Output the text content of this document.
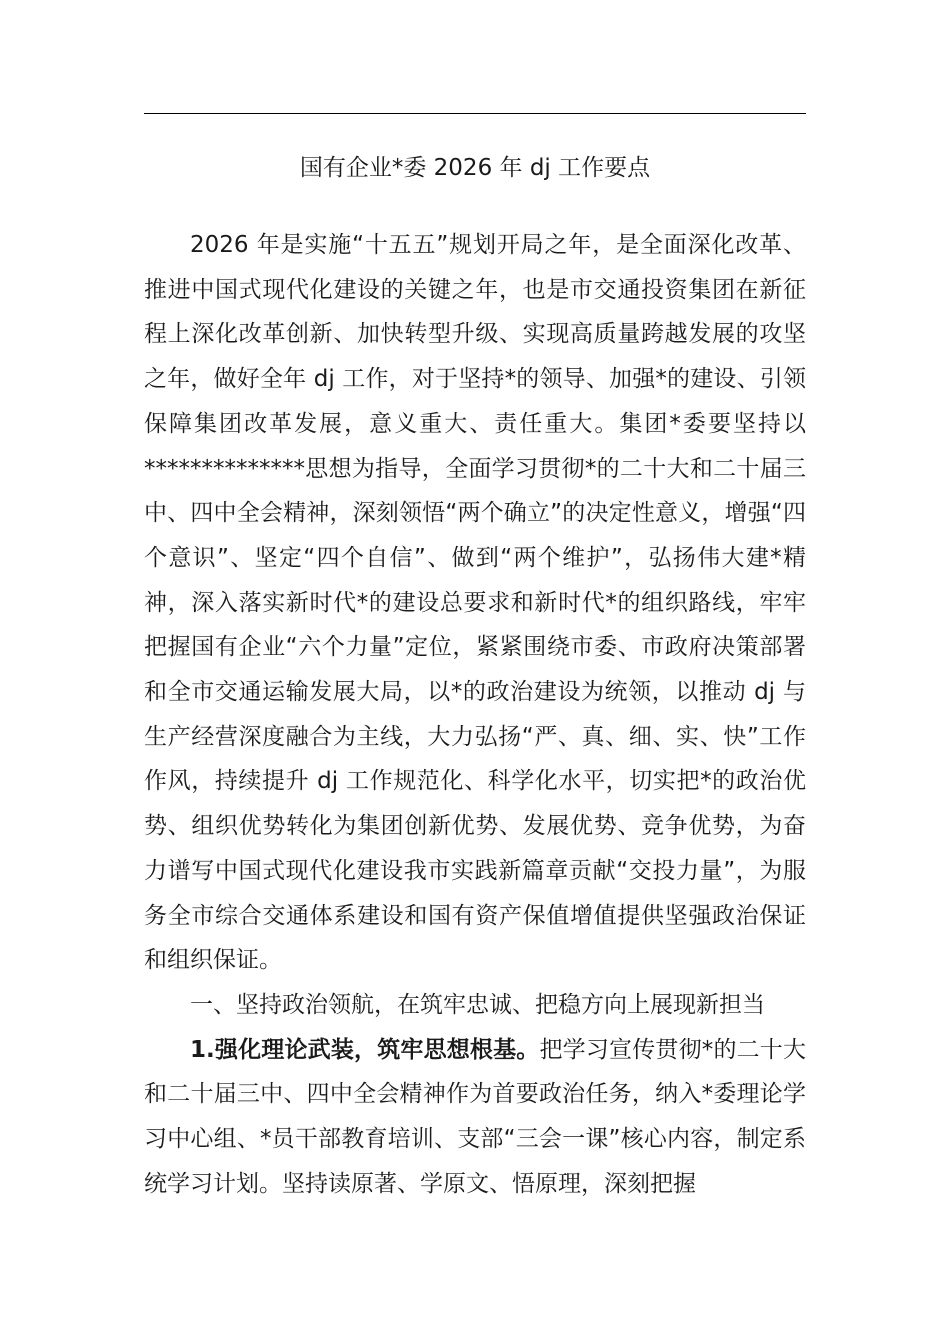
国有企业*委 2026 年 dj 工作要点

2026 年是实施“十五五”规划开局之年，是全面深化改革、推进中国式现代化建设的关键之年，也是市交通投资集团在新征程上深化改革创新、加快转型升级、实现高质量跨越发展的攻坚之年，做好全年 dj 工作，对于坚持*的领导、加强*的建设、引领保障集团改革发展，意义重大、责任重大。集团*委要坚持以**************思想为指导，全面学习贯彻*的二十大和二十届三中、四中全会精神，深刻领悟“两个确立”的决定性意义，增强“四个意识”、坚定“四个自信”、做到“两个维护”，弘扬伟大建*精神，深入落实新时代*的建设总要求和新时代*的组织路线，牢牢把握国有企业“六个力量”定位，紧紧围绕市委、市政府决策部署和全市交通运输发展大局，以*的政治建设为统领，以推动 dj 与生产经营深度融合为主线，大力弘扬“严、真、细、实、快”工作作风，持续提升 dj 工作规范化、科学化水平，切实把*的政治优势、组织优势转化为集团创新优势、发展优势、竞争优势，为奋力谱写中国式现代化建设我市实践新篇章贡献“交投力量”，为服务全市综合交通体系建设和国有资产保值增值提供坚强政治保证和组织保证。

一、坚持政治领航，在筑牢忠诚、把稳方向上展现新担当

1.强化理论武装，筑牢思想根基。把学习宣传贯彻*的二十大和二十届三中、四中全会精神作为首要政治任务，纳入*委理论学习中心组、*员干部教育培训、支部“三会一课”核心内容，制定系统学习计划。坚持读原著、学原文、悟原理，深刻把握
